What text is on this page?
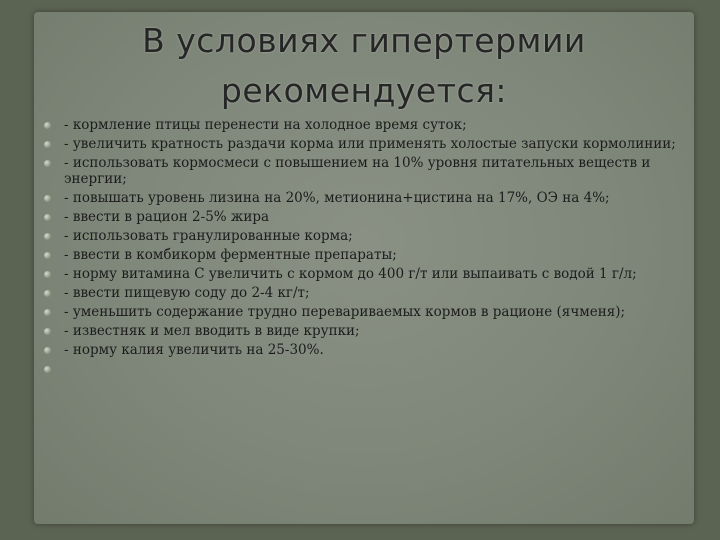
В условиях гипертермии
рекомендуется:
- кормление птицы перенести на холодное время суток;
- увеличить кратность раздачи корма или применять холостые запуски кормолинии;
- использовать кормосмеси с повышением на 10% уровня питательных веществ и энергии;
- повышать уровень лизина на 20%, метионина+цистина на 17%, ОЭ на 4%;
- ввести в рацион 2-5% жира
- использовать гранулированные корма;
- ввести в комбикорм ферментные препараты;
- норму витамина С увеличить с кормом до 400 г/т или выпаивать с водой 1 г/л;
- ввести пищевую соду до 2-4 кг/т;
- уменьшить содержание трудно перевариваемых кормов в рационе (ячменя);
- известняк и мел вводить в виде крупки;
- норму калия увеличить на 25-30%.
